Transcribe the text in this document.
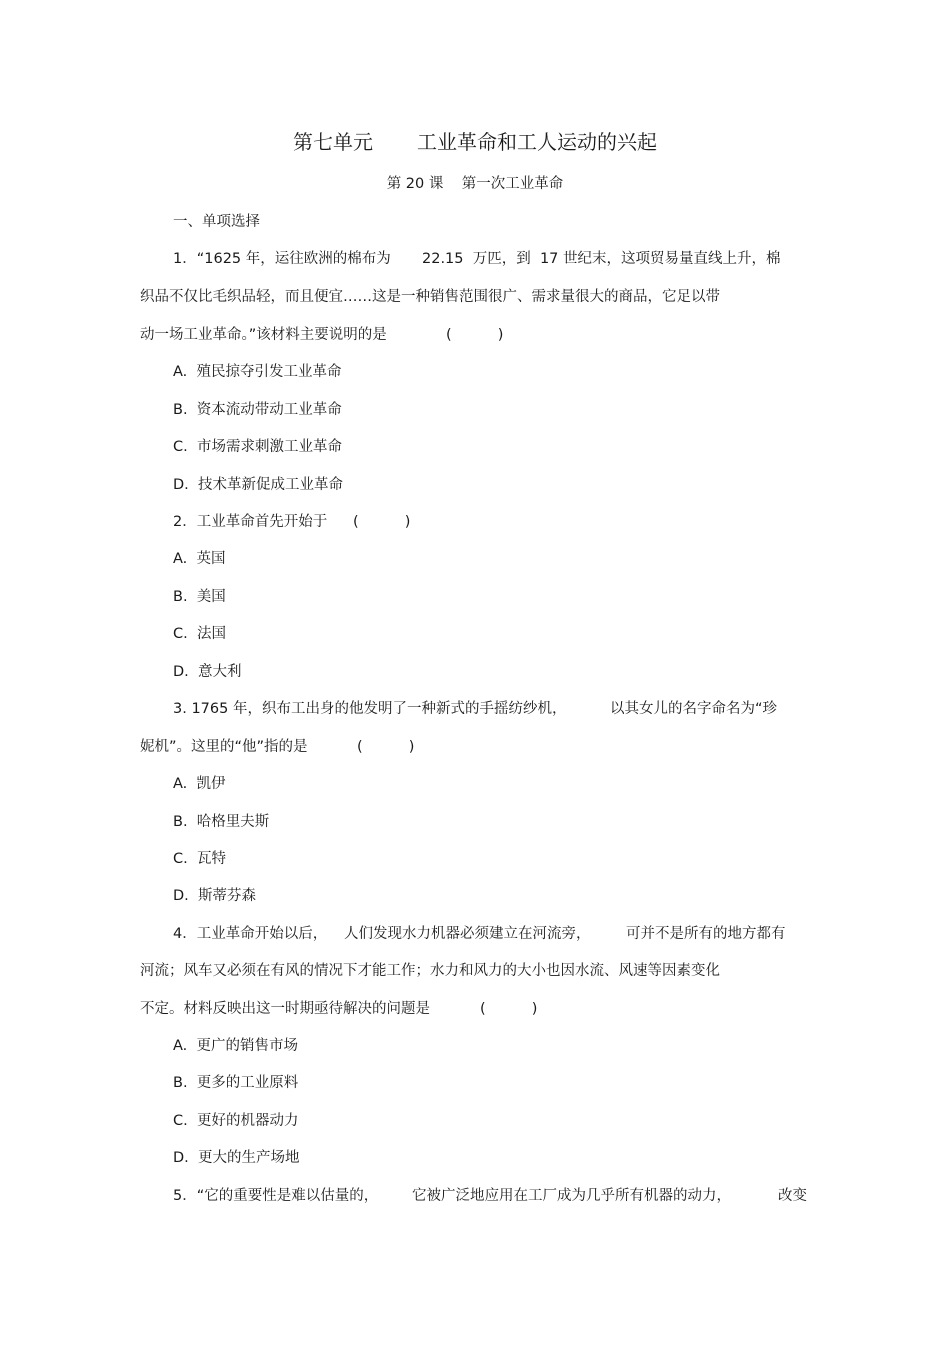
第七单元 工业革命和工人运动的兴起
第 20 课    第一次工业革命
一、单项选择
1．“1625 年，运往欧洲的棉布为 22.15  万匹，到  17 世纪末，这项贸易量直线上升，棉
织品不仅比毛织品轻，而且便宜……这是一种销售范围很广、需求量很大的商品，它足以带
动一场工业革命。”该材料主要说明的是	(          )
A.  殖民掠夺引发工业革命
B.  资本流动带动工业革命
C.  市场需求刺激工业革命
D.  技术革新促成工业革命
2．工业革命首先开始于 (          )
A.  英国
B.  美国
C.  法国
D.  意大利
3. 1765 年，织布工出身的他发明了一种新式的手摇纺纱机，	以其女儿的名字命名为“珍
妮机”。这里的“他”指的是	(          )
A.  凯伊
B.  哈格里夫斯
C.  瓦特
D.  斯蒂芬森
4．工业革命开始以后， 人们发现水力机器必须建立在河流旁， 可并不是所有的地方都有
河流；风车又必须在有风的情况下才能工作；水力和风力的大小也因水流、风速等因素变化
不定。材料反映出这一时期亟待解决的问题是	(          )
A.  更广的销售市场
B.  更多的工业原料
C.  更好的机器动力
D.  更大的生产场地
5．“它的重要性是难以估量的， 它被广泛地应用在工厂成为几乎所有机器的动力，	改变
